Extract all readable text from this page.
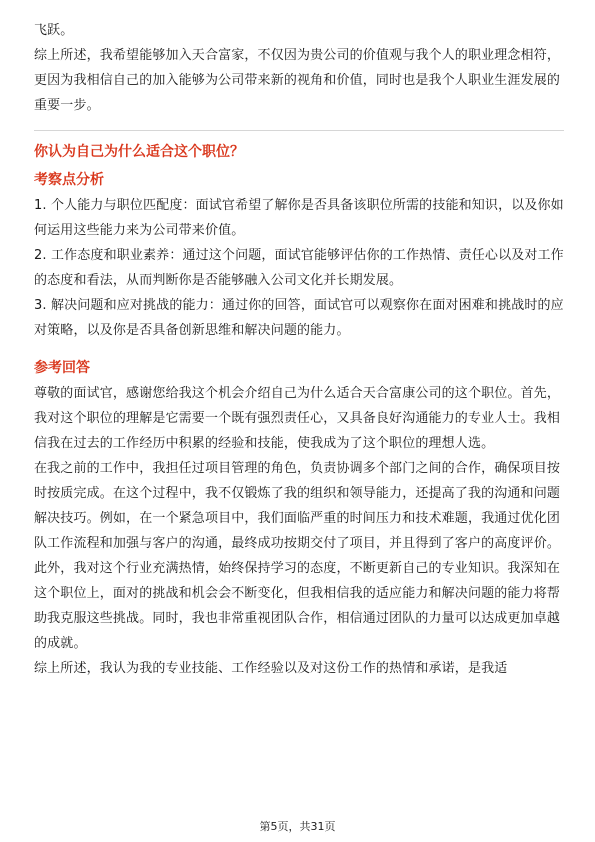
飞跃。

综上所述，我希望能够加入天合富家，不仅因为贵公司的价值观与我个人的职业理念相符，更因为我相信自己的加入能够为公司带来新的视角和价值，同时也是我个人职业生涯发展的重要一步。

你认为自己为什么适合这个职位？
考察点分析

1. 个人能力与职位匹配度：面试官希望了解你是否具备该职位所需的技能和知识，以及你如何运用这些能力来为公司带来价值。

2. 工作态度和职业素养：通过这个问题，面试官能够评估你的工作热情、责任心以及对工作的态度和看法，从而判断你是否能够融入公司文化并长期发展。

3. 解决问题和应对挑战的能力：通过你的回答，面试官可以观察你在面对困难和挑战时的应对策略，以及你是否具备创新思维和解决问题的能力。

参考回答

尊敬的面试官，感谢您给我这个机会介绍自己为什么适合天合富康公司的这个职位。首先，我对这个职位的理解是它需要一个既有强烈责任心，又具备良好沟通能力的专业人士。我相信我在过去的工作经历中积累的经验和技能，使我成为了这个职位的理想人选。

在我之前的工作中，我担任过项目管理的角色，负责协调多个部门之间的合作，确保项目按时按质完成。在这个过程中，我不仅锻炼了我的组织和领导能力，还提高了我的沟通和问题解决技巧。例如，在一个紧急项目中，我们面临严重的时间压力和技术难题，我通过优化团队工作流程和加强与客户的沟通，最终成功按期交付了项目，并且得到了客户的高度评价。

此外，我对这个行业充满热情，始终保持学习的态度，不断更新自己的专业知识。我深知在这个职位上，面对的挑战和机会会不断变化，但我相信我的适应能力和解决问题的能力将帮助我克服这些挑战。同时，我也非常重视团队合作，相信通过团队的力量可以达成更加卓越的成就。

综上所述，我认为我的专业技能、工作经验以及对这份工作的热情和承诺，是我适

第5页，共31页
